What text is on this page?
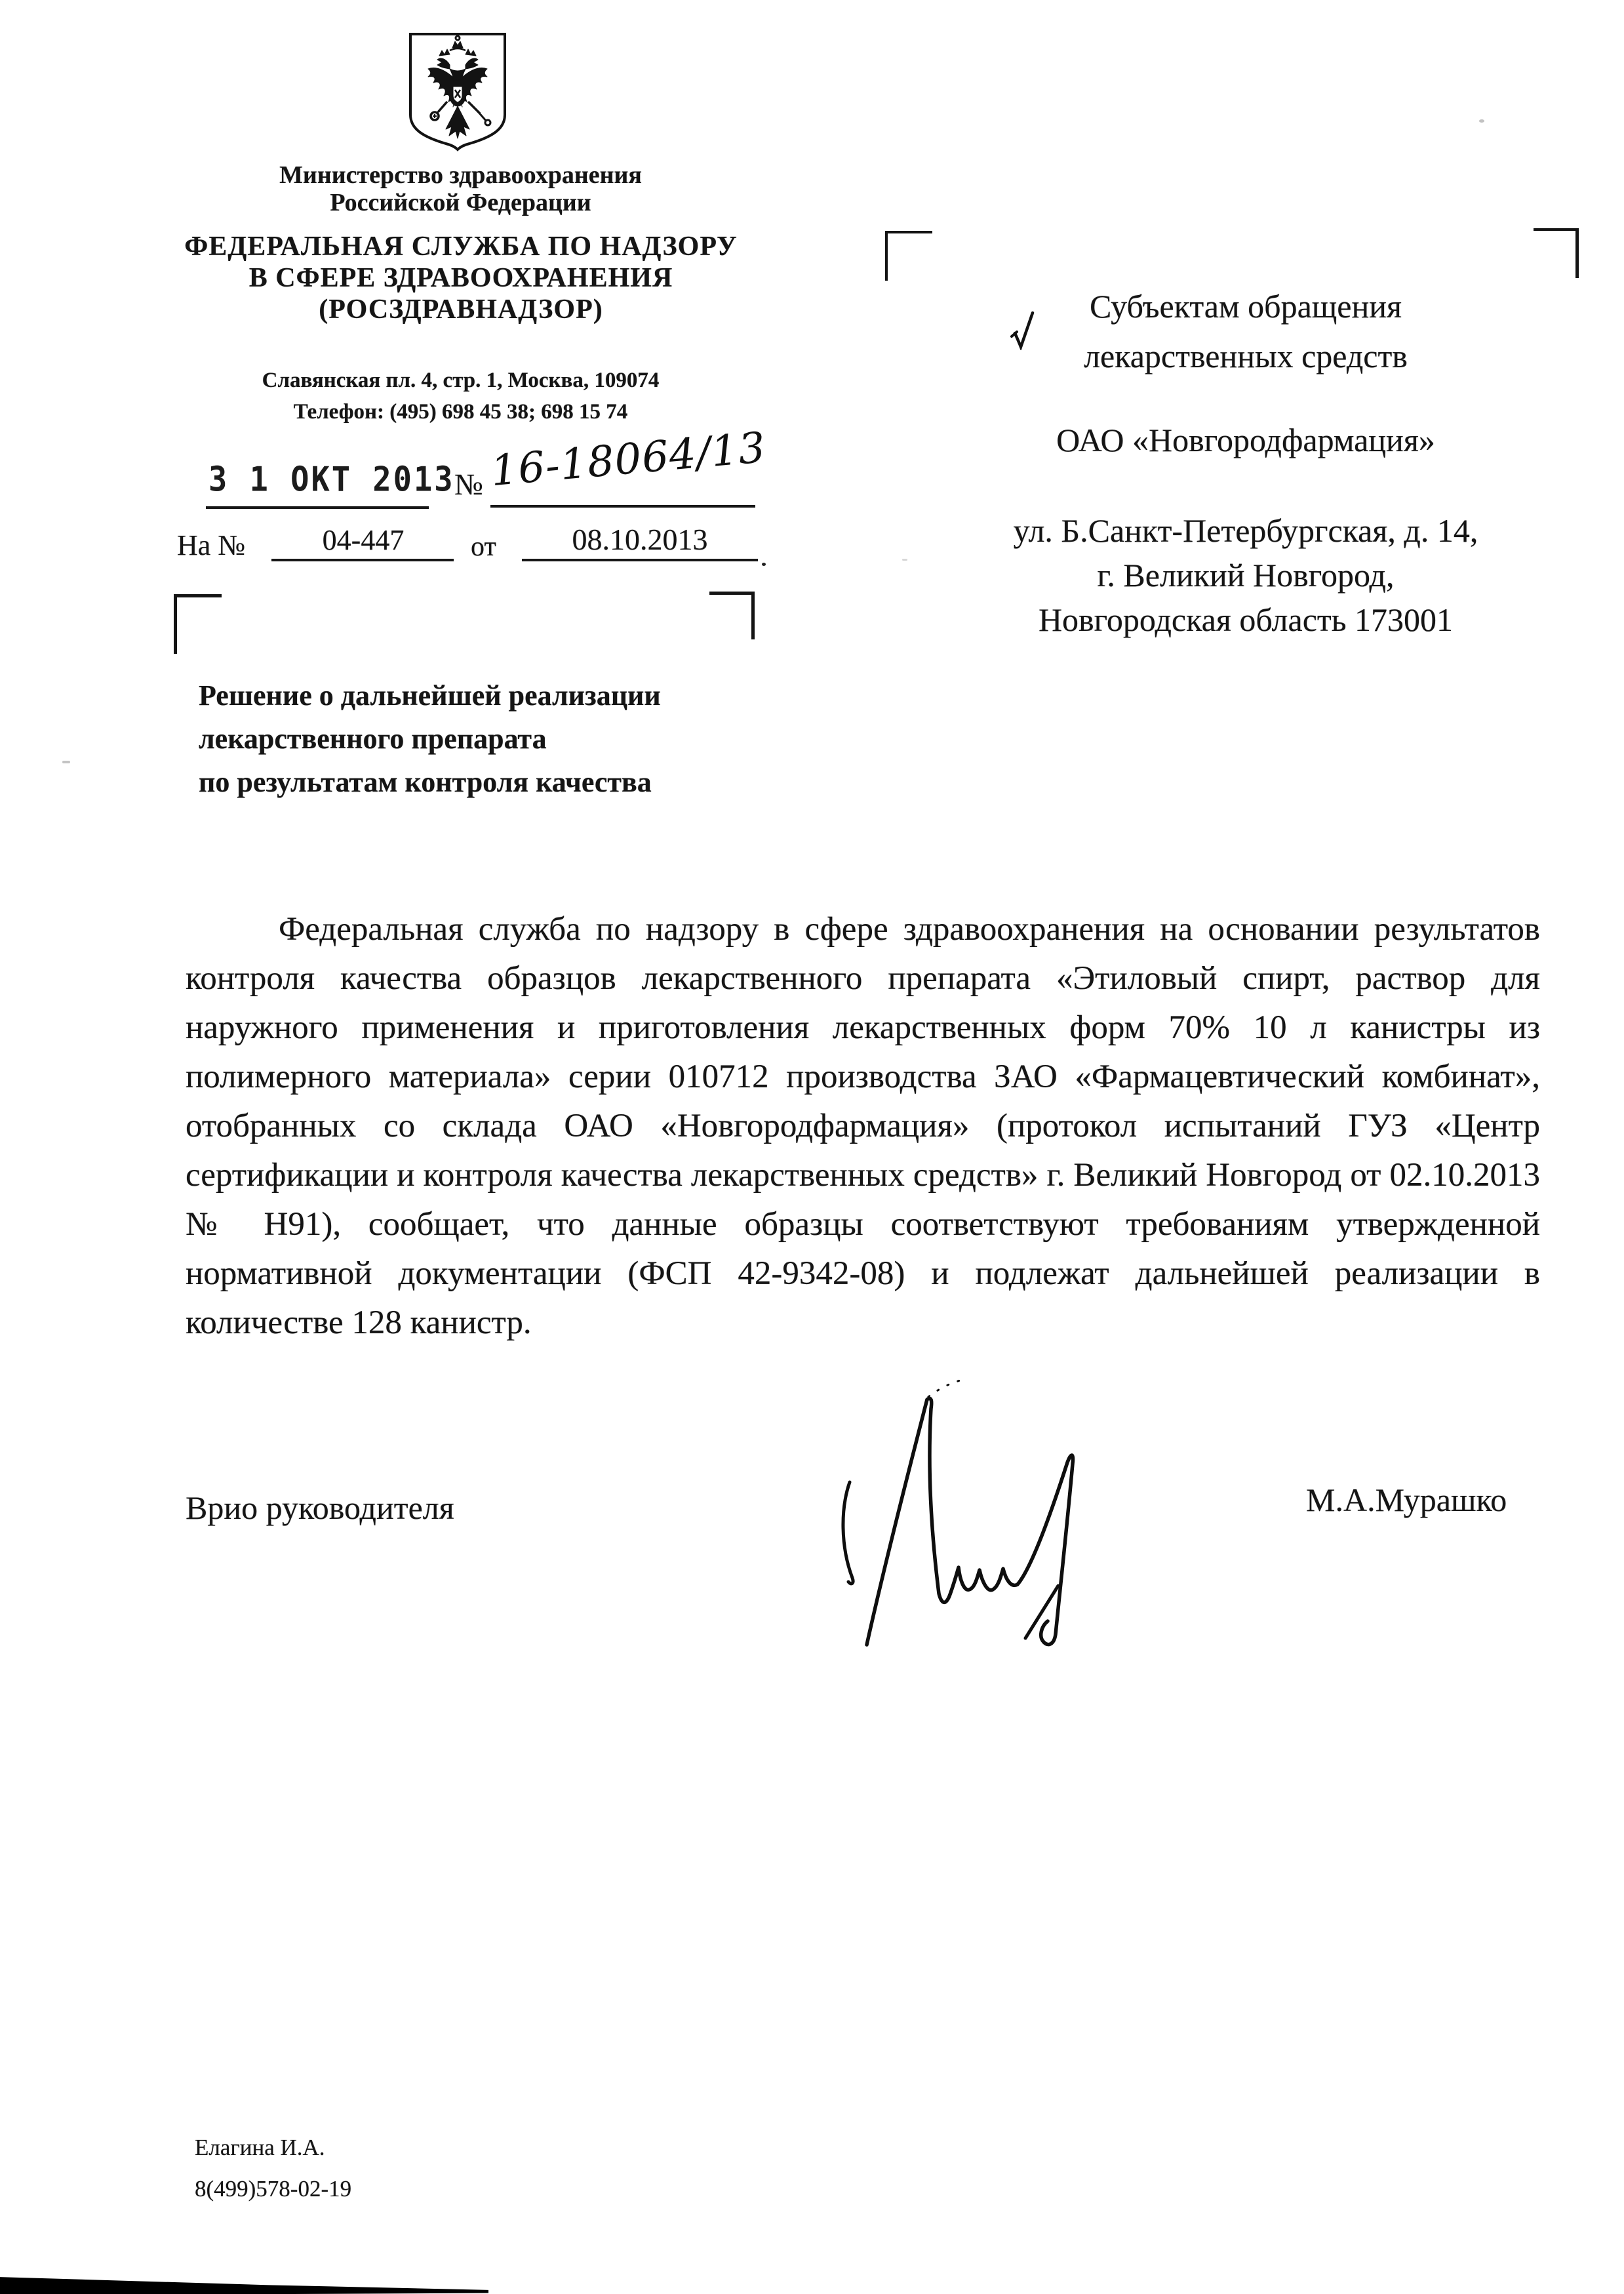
Министерство здравоохранения
Российской Федерации
ФЕДЕРАЛЬНАЯ СЛУЖБА ПО НАДЗОРУ
В СФЕРЕ ЗДРАВООХРАНЕНИЯ
(РОСЗДРАВНАДЗОР)
Славянская пл. 4, стр. 1, Москва, 109074
Телефон: (495) 698 45 38; 698 15 74
3 1 ОКТ 2013 № 16-18064/13
На №	04-447	от	08.10.2013
Субъектам обращения
лекарственных средств
ОАО «Новгородфармация»
ул. Б.Санкт-Петербургская, д. 14,
г. Великий Новгород,
Новгородская область 173001
Решение о дальнейшей реализации
лекарственного препарата
по результатам контроля качества
Федеральная служба по надзору в сфере здравоохранения на основании результатов контроля качества образцов лекарственного препарата «Этиловый спирт, раствор для наружного применения и приготовления лекарственных форм 70% 10 л канистры из полимерного материала» серии 010712 производства ЗАО «Фармацевтический комбинат», отобранных со склада ОАО «Новгородфармация» (протокол испытаний ГУЗ «Центр сертификации и контроля качества лекарственных средств» г. Великий Новгород от 02.10.2013 № Н91), сообщает, что данные образцы соответствуют требованиям утвержденной нормативной документации (ФСП 42-9342-08) и подлежат дальнейшей реализации в количестве 128 канистр.
Врио руководителя	М.А.Мурашко
Елагина И.А.
8(499)578-02-19
